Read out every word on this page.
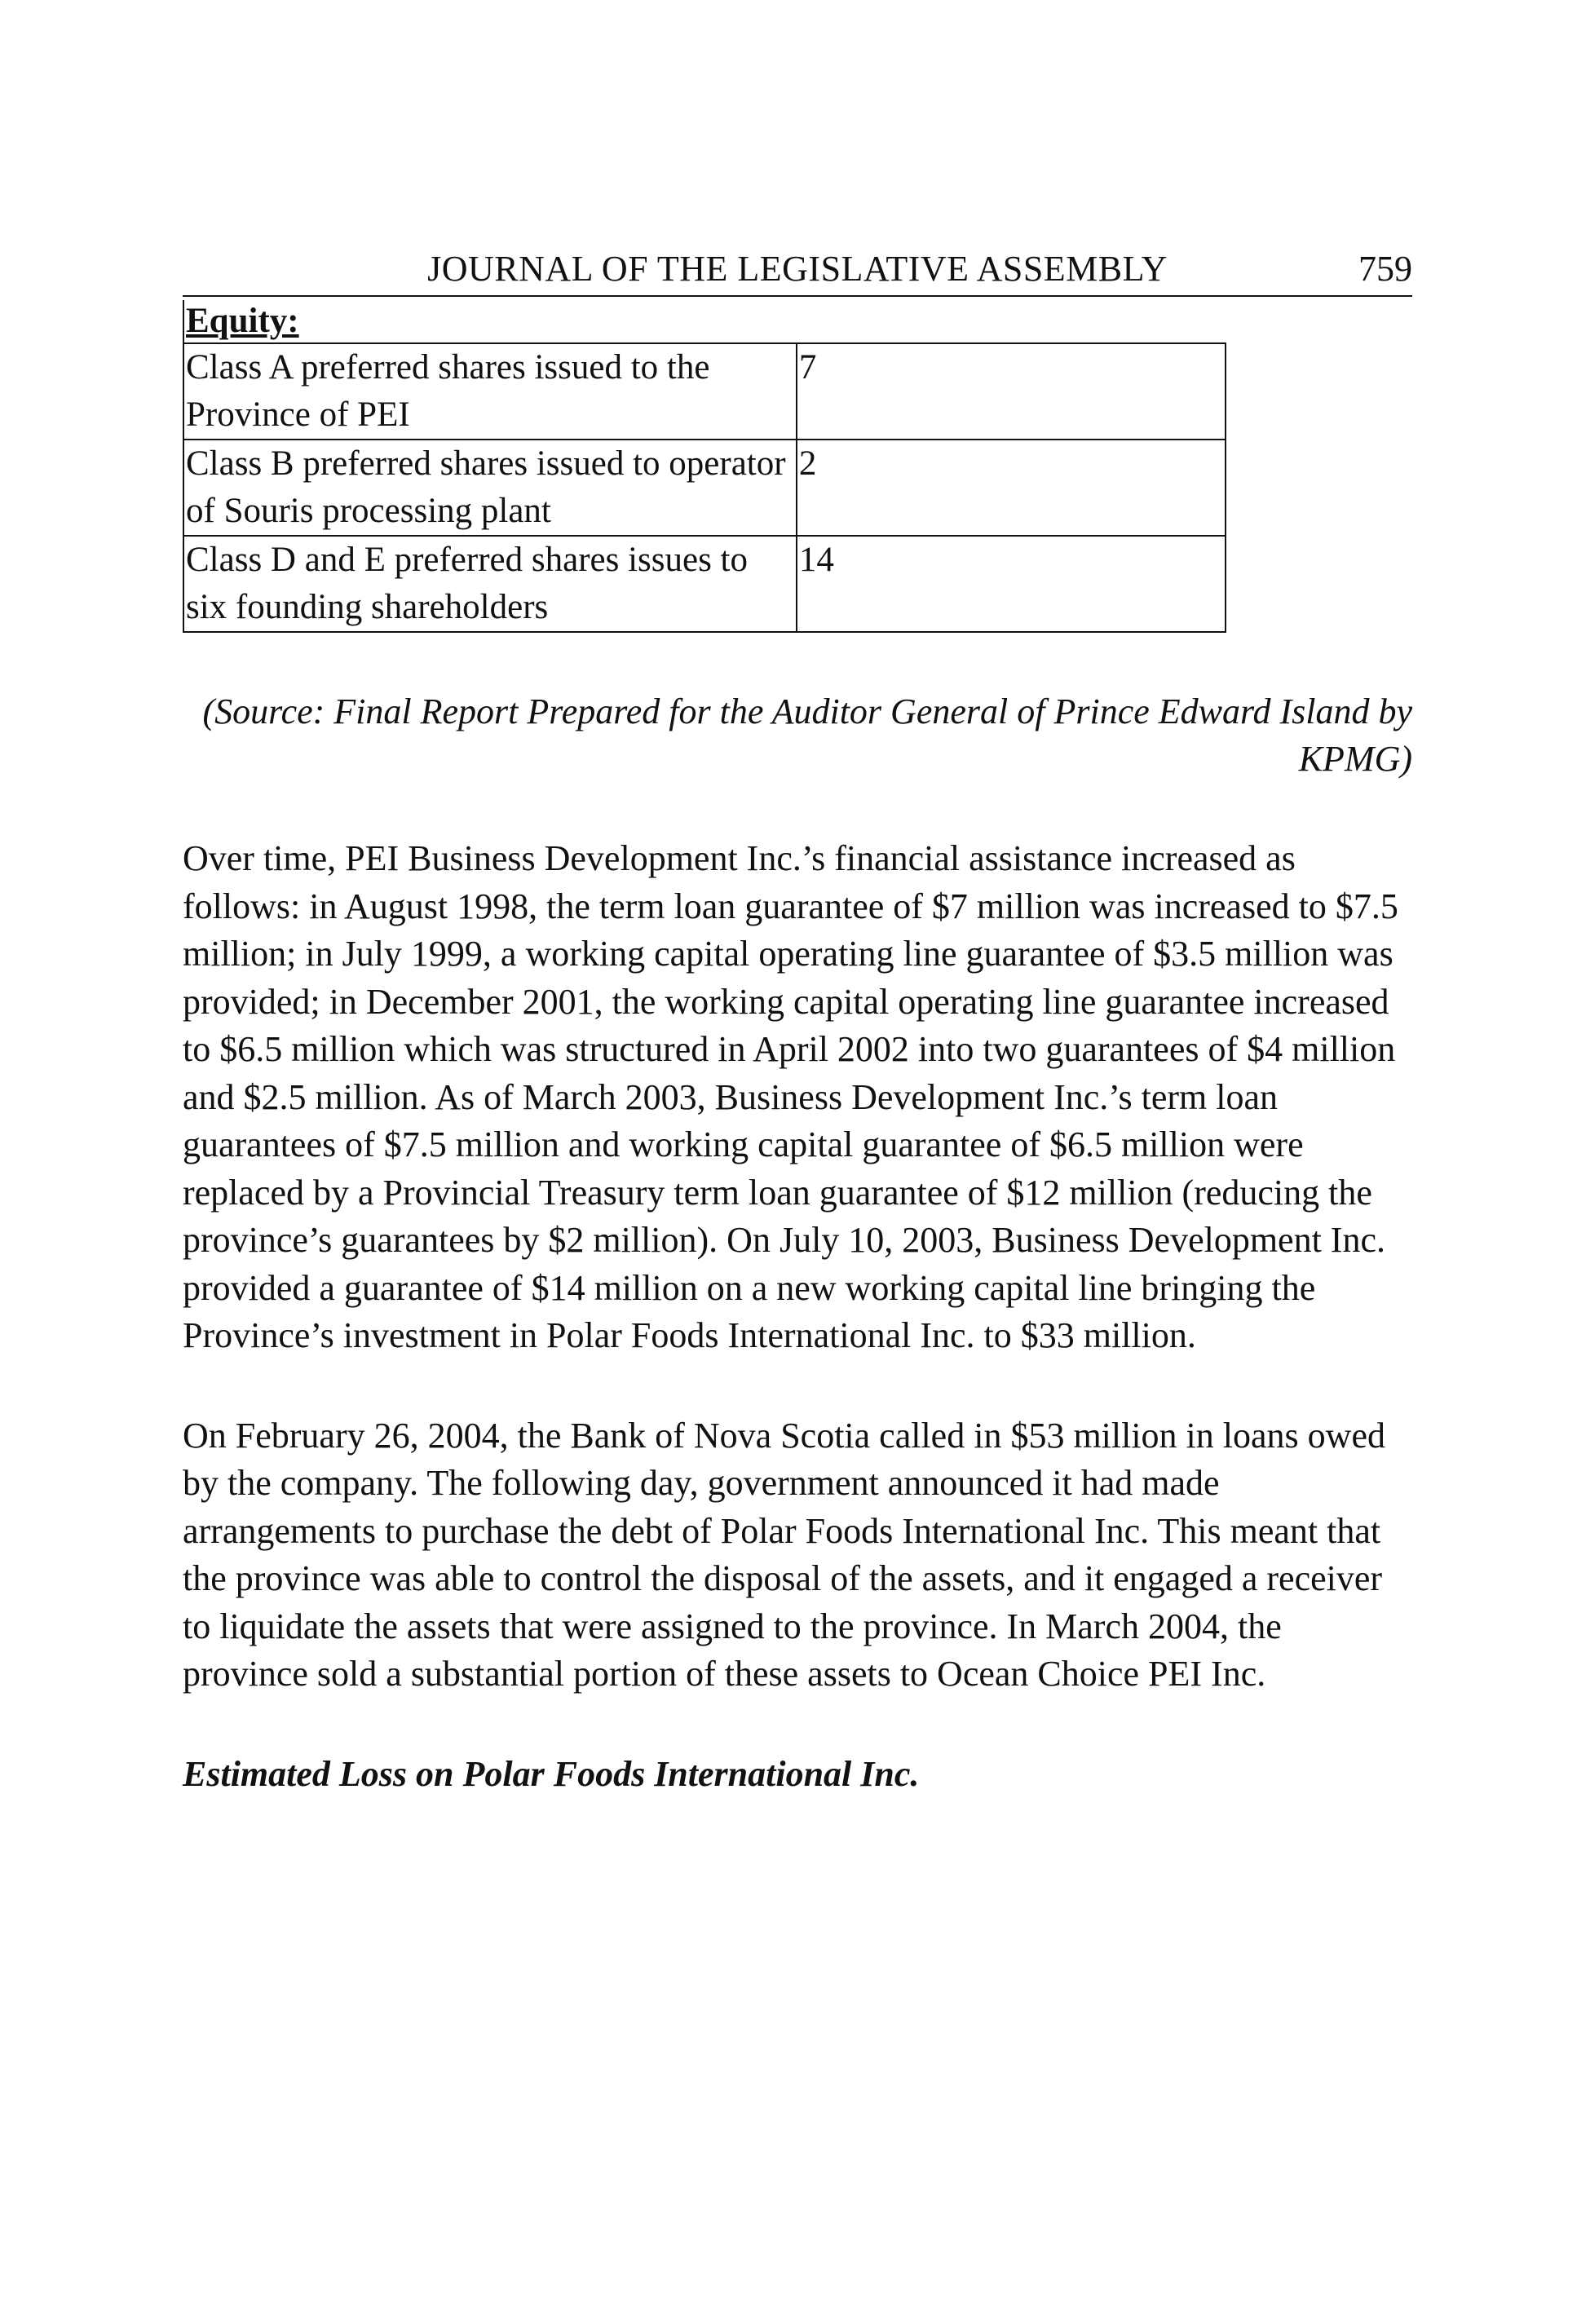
JOURNAL OF THE LEGISLATIVE ASSEMBLY	759
Equity:
Class A preferred shares issued to the Province of PEI	7
Class B preferred shares issued to operator of Souris processing plant	2
Class D and E preferred shares issues to six founding shareholders	14
(Source: Final Report Prepared for the Auditor General of Prince Edward Island by KPMG)

Over time, PEI Business Development Inc.’s financial assistance increased as follows: in August 1998, the term loan guarantee of $7 million was increased to $7.5 million; in July 1999, a working capital operating line guarantee of $3.5 million was provided; in December 2001, the working capital operating line guarantee increased to $6.5 million which was structured in April 2002 into two guarantees of $4 million and $2.5 million. As of March 2003, Business Development Inc.’s term loan guarantees of $7.5 million and working capital guarantee of $6.5 million were replaced by a Provincial Treasury term loan guarantee of $12 million (reducing the province’s guarantees by $2 million). On July 10, 2003, Business Development Inc. provided a guarantee of $14 million on a new working capital line bringing the Province’s investment in Polar Foods International Inc. to $33 million.

On February 26, 2004, the Bank of Nova Scotia called in $53 million in loans owed by the company. The following day, government announced it had made arrangements to purchase the debt of Polar Foods International Inc. This meant that the province was able to control the disposal of the assets, and it engaged a receiver to liquidate the assets that were assigned to the province. In March 2004, the province sold a substantial portion of these assets to Ocean Choice PEI Inc.

Estimated Loss on Polar Foods International Inc.
